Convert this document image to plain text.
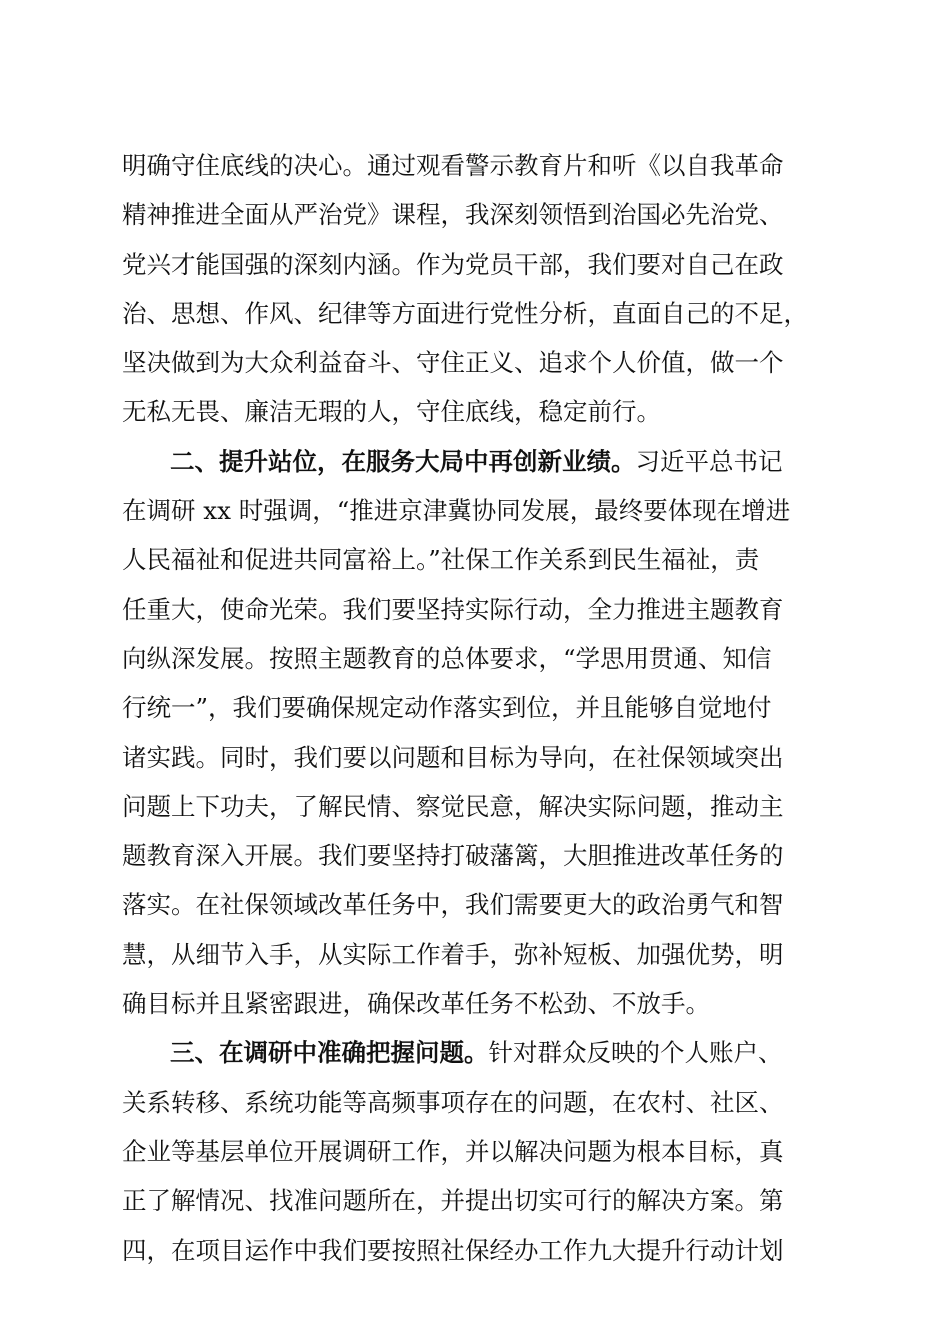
明确守住底线的决心。通过观看警示教育片和听《以自我革命
精神推进全面从严治党》课程，我深刻领悟到治国必先治党、
党兴才能国强的深刻内涵。作为党员干部，我们要对自己在政
治、思想、作风、纪律等方面进行党性分析，直面自己的不足，
坚决做到为大众利益奋斗、守住正义、追求个人价值，做一个
无私无畏、廉洁无瑕的人，守住底线，稳定前行。
二、提升站位，在服务大局中再创新业绩。习近平总书记
在调研 xx 时强调，“推进京津冀协同发展，最终要体现在增进
人民福祉和促进共同富裕上。”社保工作关系到民生福祉，责
任重大，使命光荣。我们要坚持实际行动，全力推进主题教育
向纵深发展。按照主题教育的总体要求，“学思用贯通、知信
行统一”，我们要确保规定动作落实到位，并且能够自觉地付
诸实践。同时，我们要以问题和目标为导向，在社保领域突出
问题上下功夫，了解民情、察觉民意，解决实际问题，推动主
题教育深入开展。我们要坚持打破藩篱，大胆推进改革任务的
落实。在社保领域改革任务中，我们需要更大的政治勇气和智
慧，从细节入手，从实际工作着手，弥补短板、加强优势，明
确目标并且紧密跟进，确保改革任务不松劲、不放手。
三、在调研中准确把握问题。针对群众反映的个人账户、
关系转移、系统功能等高频事项存在的问题，在农村、社区、
企业等基层单位开展调研工作，并以解决问题为根本目标，真
正了解情况、找准问题所在，并提出切实可行的解决方案。第
四，在项目运作中我们要按照社保经办工作九大提升行动计划
